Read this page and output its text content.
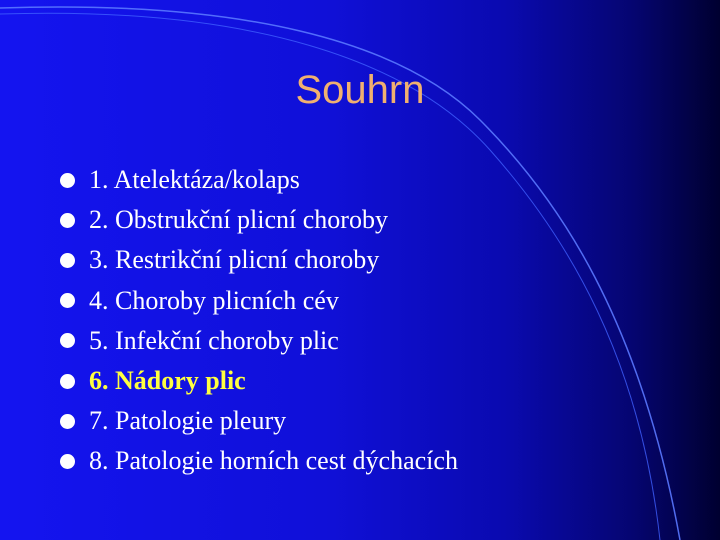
Souhrn
1. Atelektáza/kolaps
2. Obstrukční plicní choroby
3. Restrikční plicní choroby
4. Choroby plicních cév
5. Infekční choroby plic
6. Nádory plic
7. Patologie pleury
8. Patologie horních cest dýchacích
